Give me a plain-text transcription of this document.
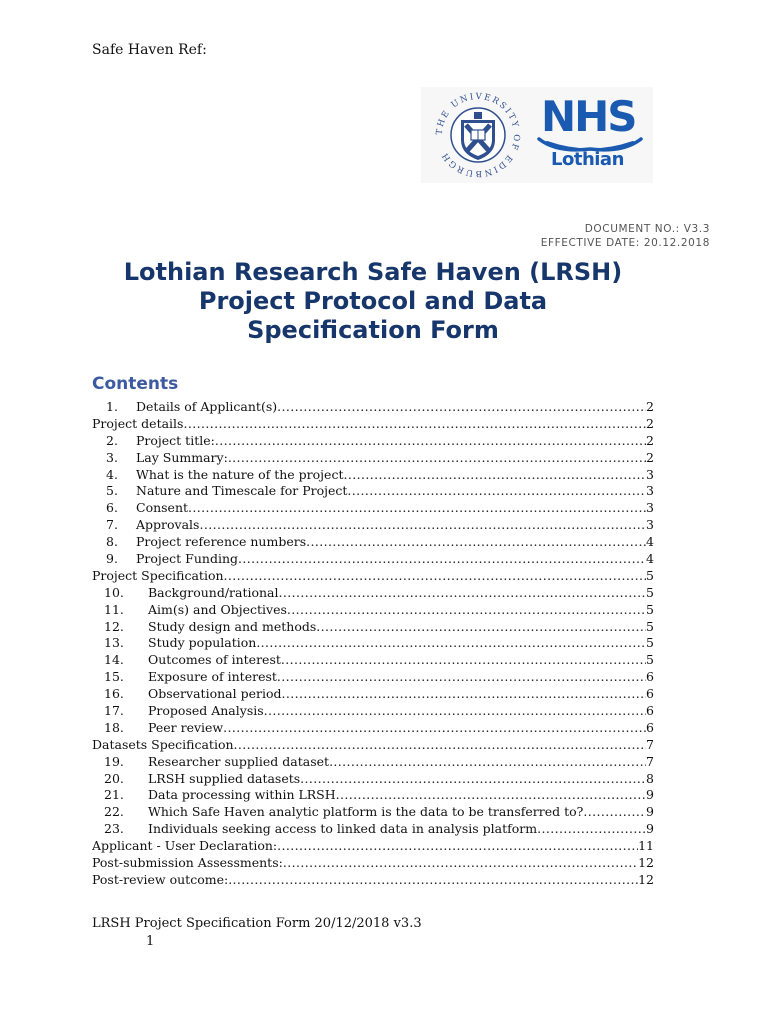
Safe Haven Ref:
THE UNIVERSITY OF EDINBURGH
NHS
Lothian
DOCUMENT NO.: V3.3
EFFECTIVE DATE: 20.12.2018
Lothian Research Safe Haven (LRSH)
Project Protocol and Data
Specification Form
Contents
1.	Details of Applicant(s) .....	2
Project details .....	2
2.	Project title: .....	2
3.	Lay Summary: .....	2
4.	What is the nature of the project .....	3
5.	Nature and Timescale for Project .....	3
6.	Consent .....	3
7.	Approvals .....	3
8.	Project reference numbers .....	4
9.	Project Funding .....	4
Project Specification .....	5
10.	Background/rational .....	5
11.	Aim(s) and Objectives .....	5
12.	Study design and methods .....	5
13.	Study population .....	5
14.	Outcomes of interest .....	5
15.	Exposure of interest .....	6
16.	Observational period .....	6
17.	Proposed Analysis .....	6
18.	Peer review .....	6
Datasets Specification .....	7
19.	Researcher supplied dataset .....	7
20.	LRSH supplied datasets .....	8
21.	Data processing within LRSH .....	9
22.	Which Safe Haven analytic platform is the data to be transferred to? .....	9
23.	Individuals seeking access to linked data in analysis platform .....	9
Applicant - User Declaration: .....	11
Post-submission Assessments: .....	12
Post-review outcome: .....	12
LRSH Project Specification Form 20/12/2018 v3.3
1
